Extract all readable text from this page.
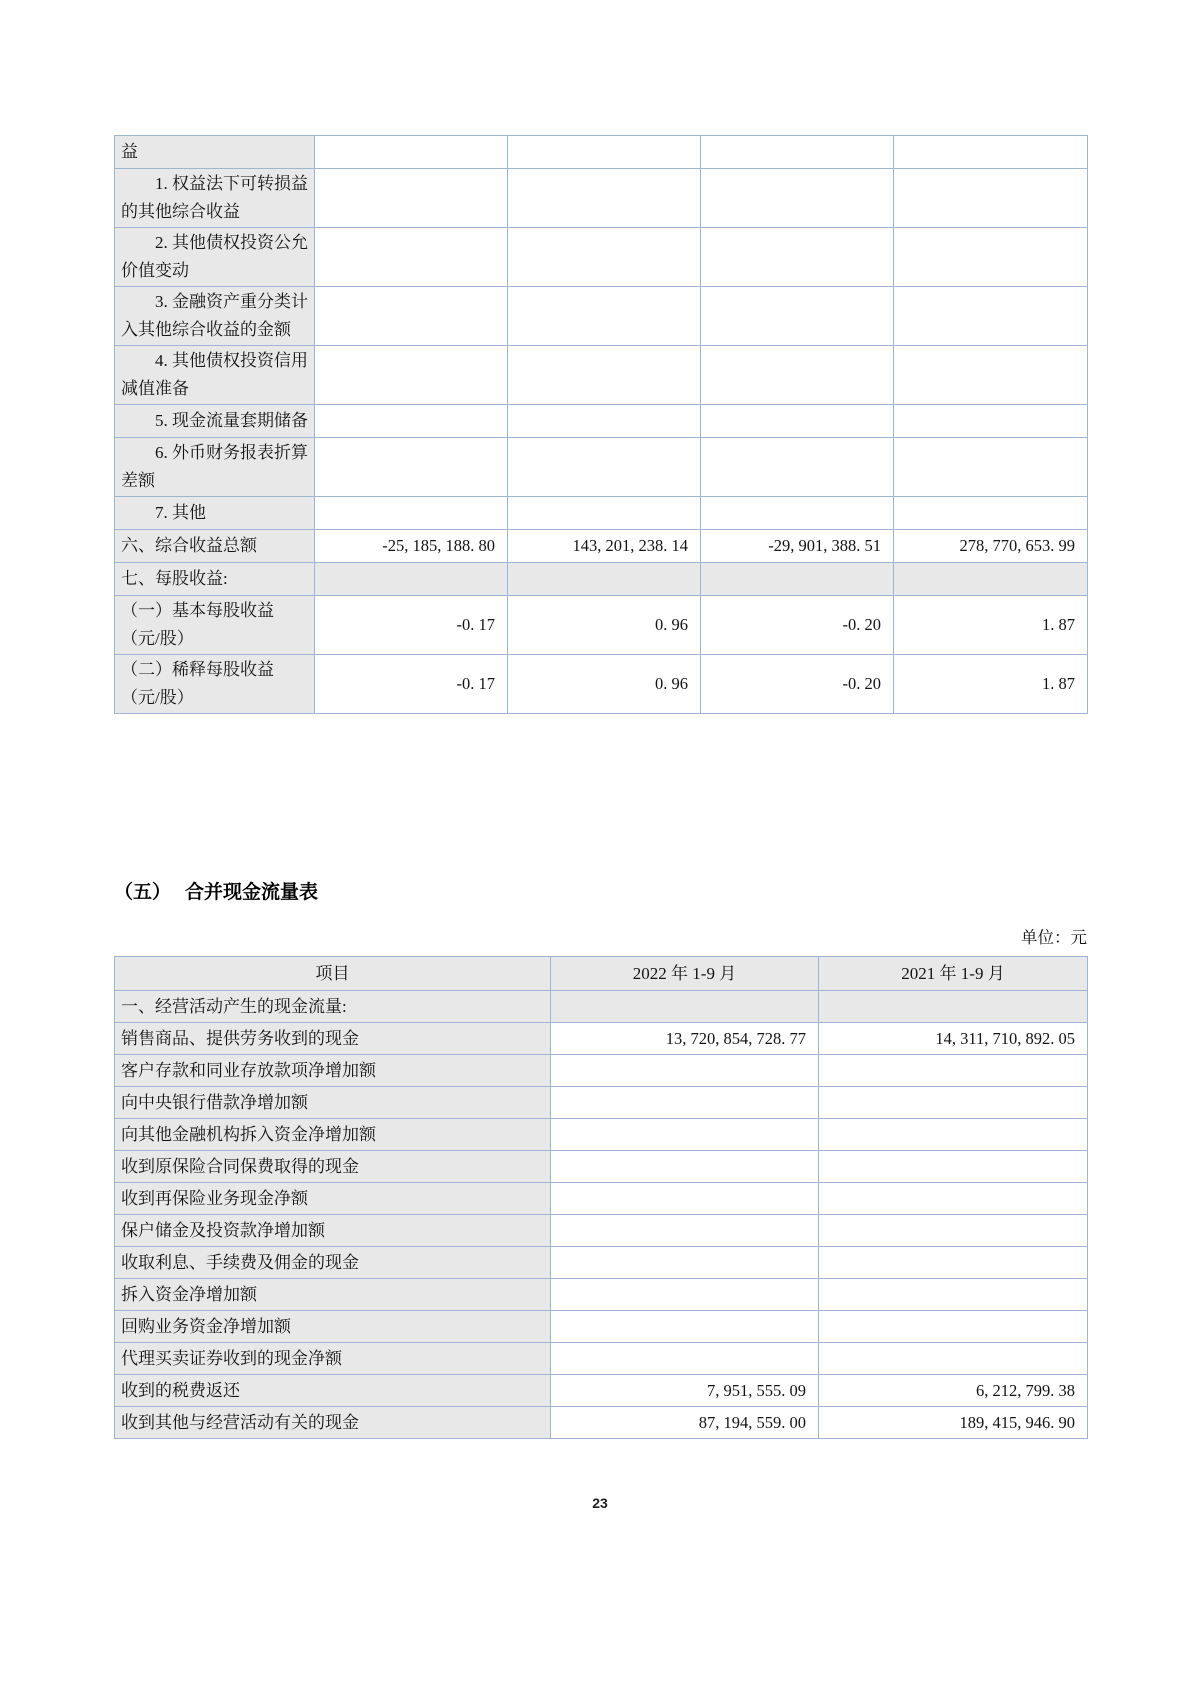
益				
1. 权益法下可转损益的其他综合收益				
2. 其他债权投资公允价值变动				
3. 金融资产重分类计入其他综合收益的金额				
4. 其他债权投资信用减值准备				
5. 现金流量套期储备				
6. 外币财务报表折算差额				
7. 其他				
六、综合收益总额	-25, 185, 188. 80	143, 201, 238. 14	-29, 901, 388. 51	278, 770, 653. 99
七、每股收益:				
（一）基本每股收益（元/股）	-0. 17	0. 96	-0. 20	1. 87
（二）稀释每股收益（元/股）	-0. 17	0. 96	-0. 20	1. 87
（五） 合并现金流量表
单位：元
项目	2022 年 1-9 月	2021 年 1-9 月
一、经营活动产生的现金流量:		
销售商品、提供劳务收到的现金	13, 720, 854, 728. 77	14, 311, 710, 892. 05
客户存款和同业存放款项净增加额		
向中央银行借款净增加额		
向其他金融机构拆入资金净增加额		
收到原保险合同保费取得的现金		
收到再保险业务现金净额		
保户储金及投资款净增加额		
收取利息、手续费及佣金的现金		
拆入资金净增加额		
回购业务资金净增加额		
代理买卖证券收到的现金净额		
收到的税费返还	7, 951, 555. 09	6, 212, 799. 38
收到其他与经营活动有关的现金	87, 194, 559. 00	189, 415, 946. 90
23
